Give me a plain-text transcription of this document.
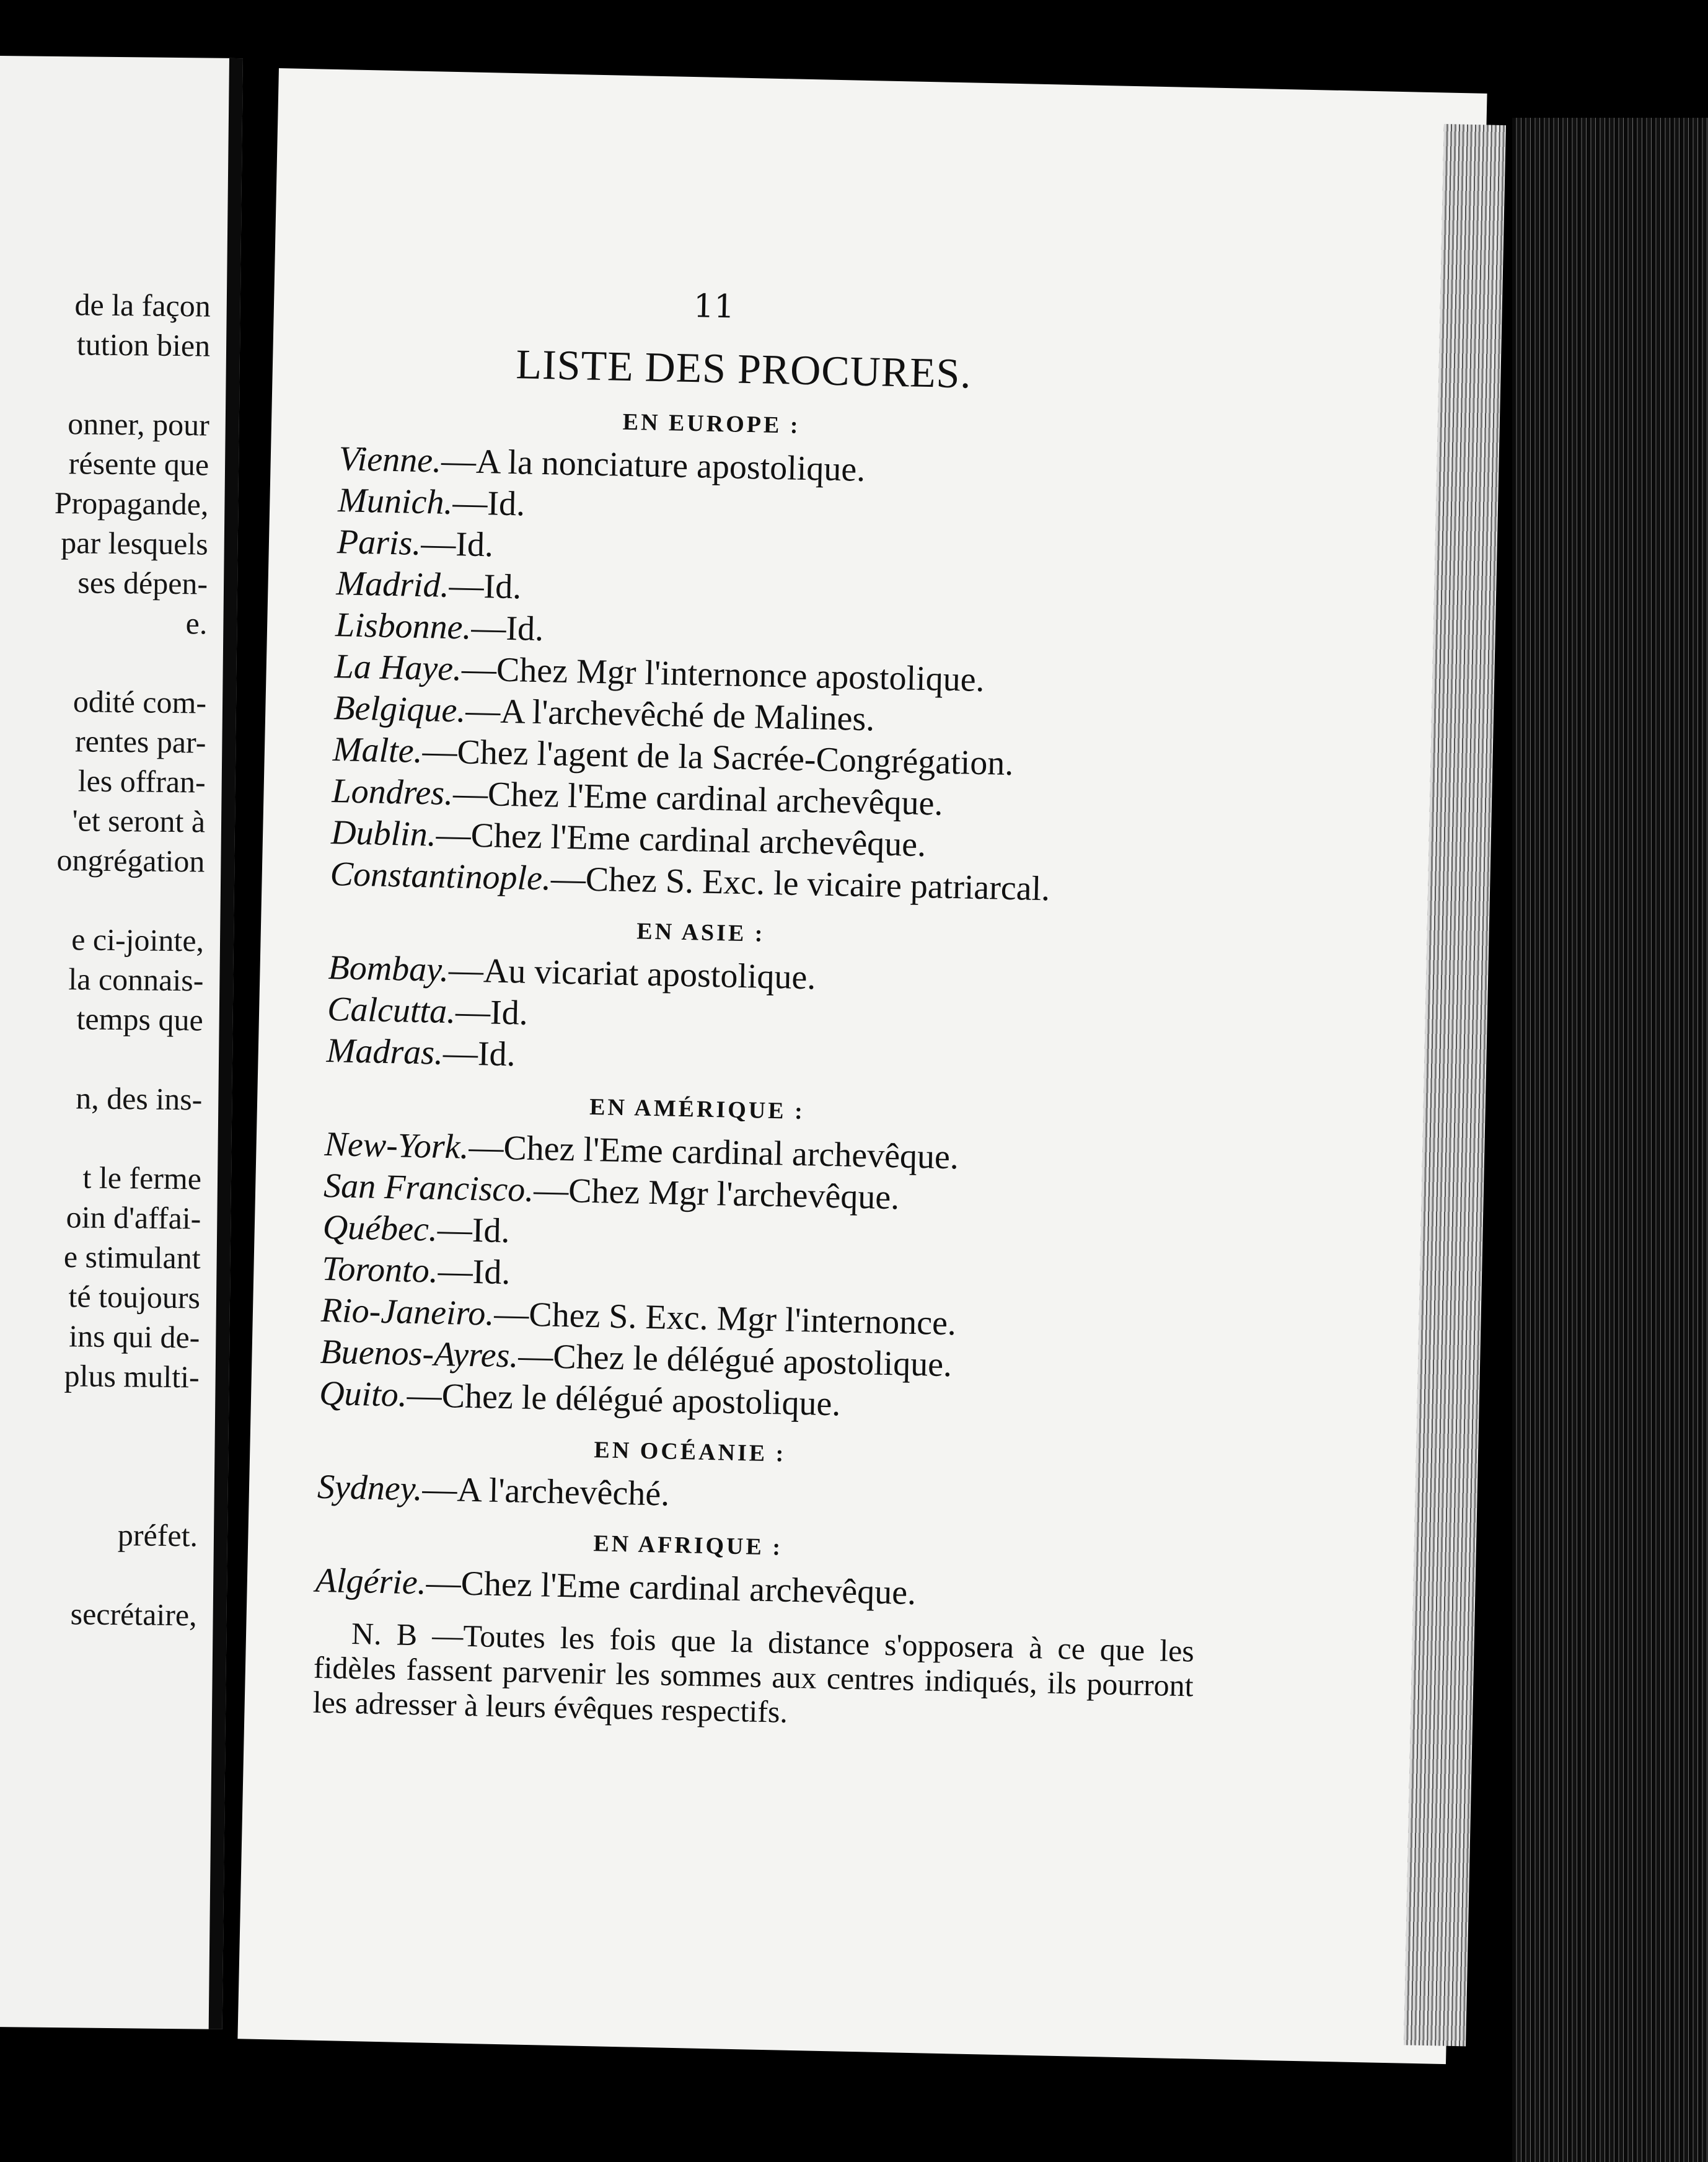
de la façon
tution bien
onner, pour
résente que
Propagande,
par lesquels
ses dépen-
e.
odité com-
rentes par-
les offran-
'et seront à
ongrégation
e ci-jointe,
la connais-
temps que
n, des ins-
t le ferme
oin d'affai-
e stimulant
té toujours
ins qui de-
plus multi-
préfet.
secrétaire,
11
LISTE DES PROCURES.
EN EUROPE :
Vienne.—A la nonciature apostolique.
Munich.—Id.
Paris.—Id.
Madrid.—Id.
Lisbonne.—Id.
La Haye.—Chez Mgr l'internonce apostolique.
Belgique.—A l'archevêché de Malines.
Malte.—Chez l'agent de la Sacrée-Congrégation.
Londres.—Chez l'Eme cardinal archevêque.
Dublin.—Chez l'Eme cardinal archevêque.
Constantinople.—Chez S. Exc. le vicaire patriarcal.
EN ASIE :
Bombay.—Au vicariat apostolique.
Calcutta.—Id.
Madras.—Id.
EN AMÉRIQUE :
New-York.—Chez l'Eme cardinal archevêque.
San Francisco.—Chez Mgr l'archevêque.
Québec.—Id.
Toronto.—Id.
Rio-Janeiro.—Chez S. Exc. Mgr l'internonce.
Buenos-Ayres.—Chez le délégué apostolique.
Quito.—Chez le délégué apostolique.
EN OCÉANIE :
Sydney.—A l'archevêché.
EN AFRIQUE :
Algérie.—Chez l'Eme cardinal archevêque.

N. B —Toutes les fois que la distance s'opposera à ce que les fidèles fassent parvenir les sommes aux centres indiqués, ils pourront les adresser à leurs évêques respectifs.
